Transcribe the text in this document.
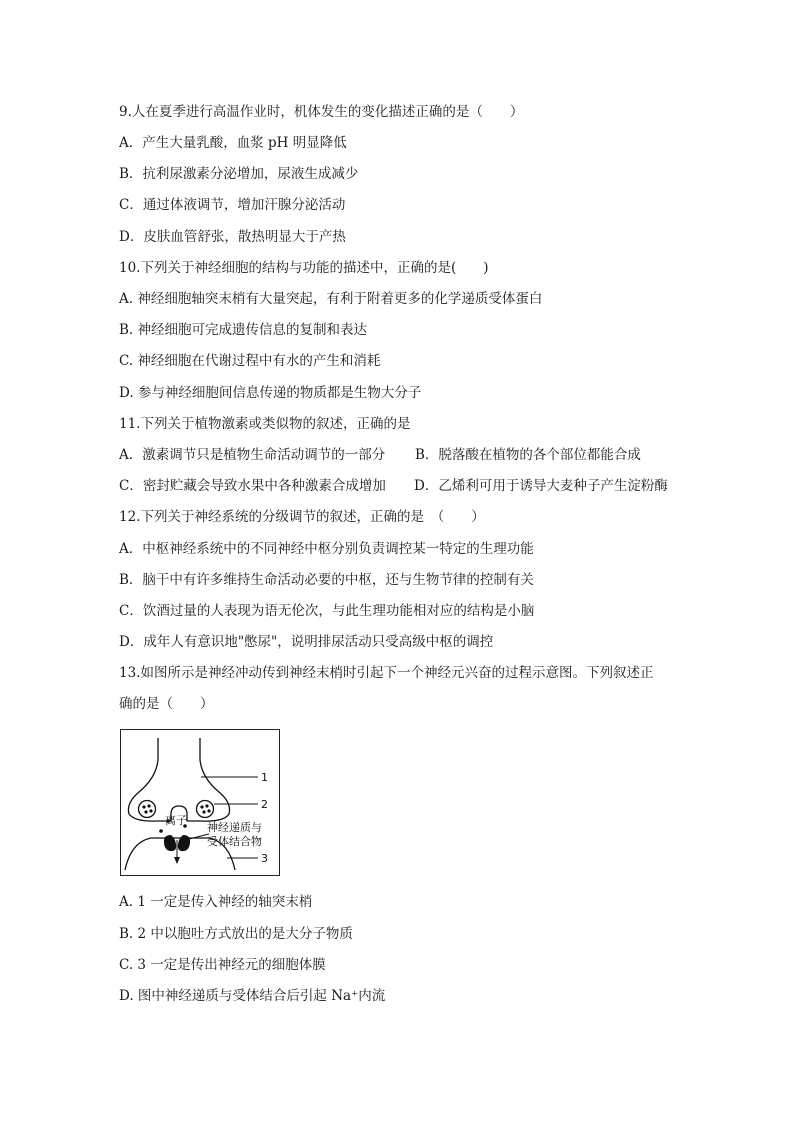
9.人在夏季进行高温作业时，机体发生的变化描述正确的是（　　）
A．产生大量乳酸，血浆 pH 明显降低
B．抗利尿激素分泌增加，尿液生成减少
C．通过体液调节，增加汗腺分泌活动
D．皮肤血管舒张，散热明显大于产热
10.下列关于神经细胞的结构与功能的描述中，正确的是(　　)
A. 神经细胞轴突末梢有大量突起，有利于附着更多的化学递质受体蛋白
B. 神经细胞可完成遗传信息的复制和表达
C. 神经细胞在代谢过程中有水的产生和消耗
D. 参与神经细胞间信息传递的物质都是生物大分子
11.下列关于植物激素或类似物的叙述，正确的是
A．激素调节只是植物生命活动调节的一部分 B．脱落酸在植物的各个部位都能合成
C．密封贮藏会导致水果中各种激素合成增加 D．乙烯利可用于诱导大麦种子产生淀粉酶
12.下列关于神经系统的分级调节的叙述，正确的是　（　　）
A．中枢神经系统中的不同神经中枢分别负责调控某一特定的生理功能
B．脑干中有许多维持生命活动必要的中枢，还与生物节律的控制有关
C．饮酒过量的人表现为语无伦次，与此生理功能相对应的结构是小脑
D．成年人有意识地"憋尿"，说明排尿活动只受高级中枢的调控
13.如图所示是神经冲动传到神经末梢时引起下一个神经元兴奋的过程示意图。下列叙述正
确的是（　　）
1
2
3
离子
神经递质与
受体结合物
A. 1 一定是传入神经的轴突末梢
B. 2 中以胞吐方式放出的是大分子物质
C. 3 一定是传出神经元的细胞体膜
D. 图中神经递质与受体结合后引起 Na⁺内流
